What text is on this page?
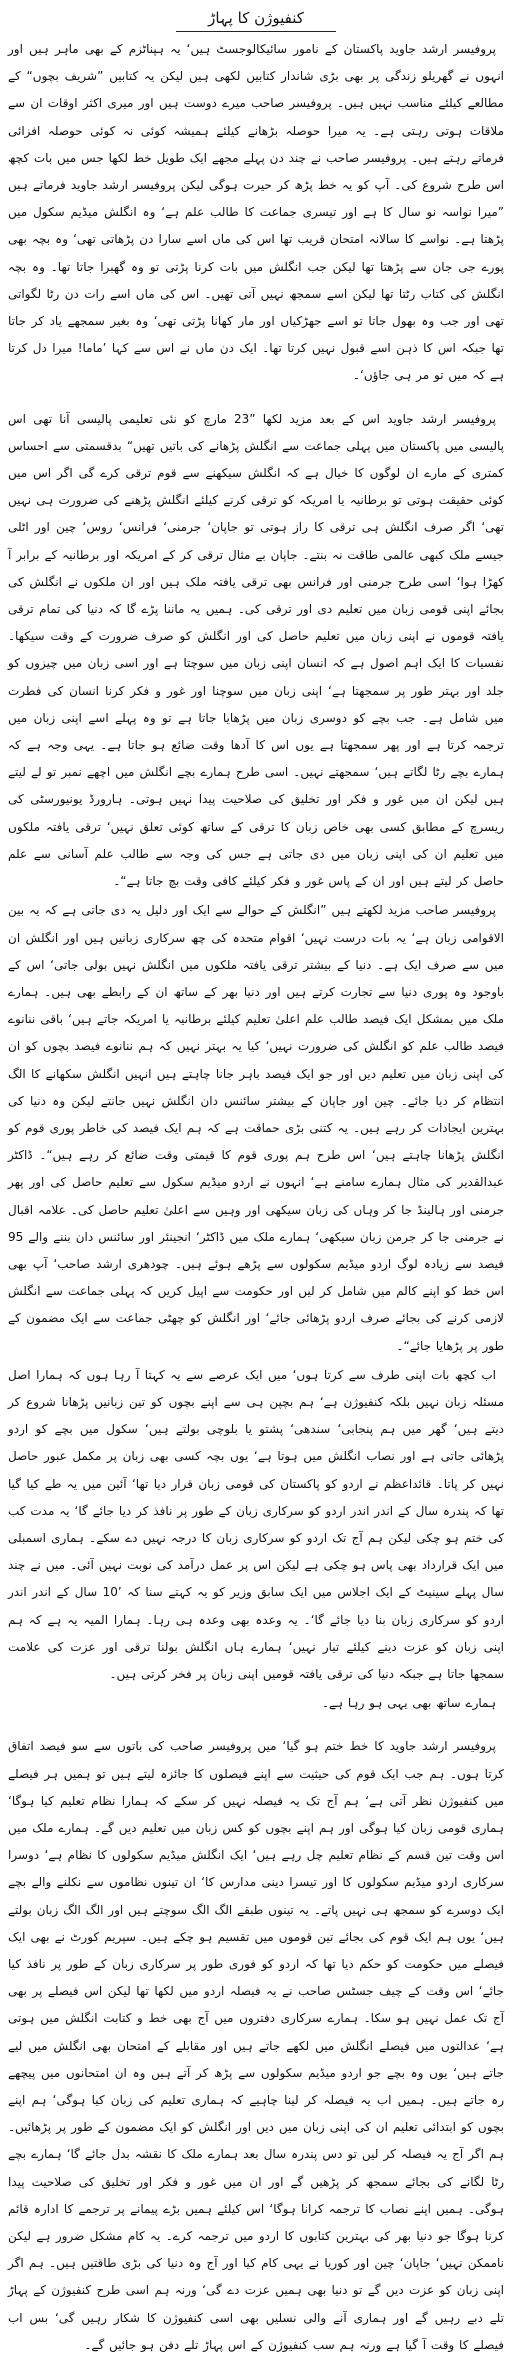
کنفیوژن کا پہاڑ

پروفیسر ارشد جاوید پاکستان کے نامور سائیکالوجسٹ ہیں‘ یہ ہپناٹزم کے بھی ماہر ہیں اور انہوں نے گھریلو زندگی پر بھی بڑی شاندار کتابیں لکھی ہیں لیکن یہ کتابیں ”شریف بچوں“ کے مطالعے کیلئے مناسب نہیں ہیں۔ پروفیسر صاحب میرے دوست ہیں اور میری اکثر اوقات ان سے ملاقات ہوتی رہتی ہے۔ یہ میرا حوصلہ بڑھانے کیلئے ہمیشہ کوئی نہ کوئی حوصلہ افزائی فرماتے رہتے ہیں۔ پروفیسر صاحب نے چند دن پہلے مجھے ایک طویل خط لکھا جس میں بات کچھ اس طرح شروع کی۔ آپ کو یہ خط پڑھ کر حیرت ہوگی لیکن پروفیسر ارشد جاوید فرماتے ہیں ”میرا نواسہ نو سال کا ہے اور تیسری جماعت کا طالب علم ہے‘ وہ انگلش میڈیم سکول میں پڑھتا ہے۔ نواسے کا سالانہ امتحان قریب تھا اس کی ماں اسے سارا دن پڑھاتی تھی‘ وہ بچہ بھی پورے جی جان سے پڑھتا تھا لیکن جب انگلش میں بات کرنا پڑتی تو وہ گھبرا جاتا تھا۔ وہ بچہ انگلش کی کتاب رٹتا تھا لیکن اسے سمجھ نہیں آتی تھیں۔ اس کی ماں اسے رات دن رٹا لگواتی تھی اور جب وہ بھول جاتا تو اسے جھڑکیاں اور مار کھانا پڑتی تھی‘ وہ بغیر سمجھے یاد کر جاتا تھا جبکہ اس کا ذہن اسے قبول نہیں کرتا تھا۔ ایک دن ماں نے اس سے کہا ’ماما! میرا دل کرتا ہے کہ میں تو مر ہی جاؤں‘۔

پروفیسر ارشد جاوید اس کے بعد مزید لکھا ”23 مارچ کو نئی تعلیمی پالیسی آنا تھی اس پالیسی میں پاکستان میں پہلی جماعت سے انگلش پڑھانے کی باتیں تھیں“ بدقسمتی سے احساس کمتری کے مارے ان لوگوں کا خیال ہے کہ انگلش سیکھنے سے قوم ترقی کرے گی اگر اس میں کوئی حقیقت ہوتی تو برطانیہ یا امریکہ کو ترقی کرنے کیلئے انگلش پڑھنے کی ضرورت ہی نہیں تھی‘ اگر صرف انگلش ہی ترقی کا راز ہوتی تو جاپان‘ جرمنی‘ فرانس‘ روس‘ چین اور اٹلی جیسے ملک کبھی عالمی طاقت نہ بنتے۔ جاپان بے مثال ترقی کر کے امریکہ اور برطانیہ کے برابر آ کھڑا ہوا‘ اسی طرح جرمنی اور فرانس بھی ترقی یافتہ ملک ہیں اور ان ملکوں نے انگلش کی بجائے اپنی قومی زبان میں تعلیم دی اور ترقی کی۔ ہمیں یہ ماننا پڑے گا کہ دنیا کی تمام ترقی یافتہ قوموں نے اپنی زبان میں تعلیم حاصل کی اور انگلش کو صرف ضرورت کے وقت سیکھا۔ نفسیات کا ایک اہم اصول ہے کہ انسان اپنی زبان میں سوچتا ہے اور اسی زبان میں چیزوں کو جلد اور بہتر طور پر سمجھتا ہے‘ اپنی زبان میں سوچنا اور غور و فکر کرنا انسان کی فطرت میں شامل ہے۔ جب بچے کو دوسری زبان میں پڑھایا جاتا ہے تو وہ پہلے اسے اپنی زبان میں ترجمہ کرتا ہے اور پھر سمجھتا ہے یوں اس کا آدھا وقت ضائع ہو جاتا ہے۔ یہی وجہ ہے کہ ہمارے بچے رٹا لگاتے ہیں‘ سمجھتے نہیں۔ اسی طرح ہمارے بچے انگلش میں اچھے نمبر تو لے لیتے ہیں لیکن ان میں غور و فکر اور تخلیق کی صلاحیت پیدا نہیں ہوتی۔ ہارورڈ یونیورسٹی کی ریسرچ کے مطابق کسی بھی خاص زبان کا ترقی کے ساتھ کوئی تعلق نہیں‘ ترقی یافتہ ملکوں میں تعلیم ان کی اپنی زبان میں دی جاتی ہے جس کی وجہ سے طالب علم آسانی سے علم حاصل کر لیتے ہیں اور ان کے پاس غور و فکر کیلئے کافی وقت بچ جاتا ہے“۔

پروفیسر صاحب مزید لکھتے ہیں ”انگلش کے حوالے سے ایک اور دلیل یہ دی جاتی ہے کہ یہ بین الاقوامی زبان ہے‘ یہ بات درست نہیں‘ اقوام متحدہ کی چھ سرکاری زبانیں ہیں اور انگلش ان میں سے صرف ایک ہے۔ دنیا کے بیشتر ترقی یافتہ ملکوں میں انگلش نہیں بولی جاتی‘ اس کے باوجود وہ پوری دنیا سے تجارت کرتے ہیں اور دنیا بھر کے ساتھ ان کے رابطے بھی ہیں۔ ہمارے ملک میں بمشکل ایک فیصد طالب علم اعلیٰ تعلیم کیلئے برطانیہ یا امریکہ جاتے ہیں‘ باقی ننانوے فیصد طالب علم کو انگلش کی ضرورت نہیں‘ کیا یہ بہتر نہیں کہ ہم ننانوے فیصد بچوں کو ان کی اپنی زبان میں تعلیم دیں اور جو ایک فیصد باہر جانا چاہتے ہیں انہیں انگلش سکھانے کا الگ انتظام کر دیا جائے۔ چین اور جاپان کے بیشتر سائنس دان انگلش نہیں جانتے لیکن وہ دنیا کی بہترین ایجادات کر رہے ہیں۔ یہ کتنی بڑی حماقت ہے کہ ہم ایک فیصد کی خاطر پوری قوم کو انگلش پڑھانا چاہتے ہیں‘ اس طرح ہم پوری قوم کا قیمتی وقت ضائع کر رہے ہیں“۔ ڈاکٹر عبدالقدیر کی مثال ہمارے سامنے ہے‘ انہوں نے اردو میڈیم سکول سے تعلیم حاصل کی اور پھر جرمنی اور ہالینڈ جا کر وہاں کی زبان سیکھی اور وہیں سے اعلیٰ تعلیم حاصل کی۔ علامہ اقبال نے جرمنی جا کر جرمن زبان سیکھی‘ ہمارے ملک میں ڈاکٹر‘ انجینئر اور سائنس دان بننے والے 95 فیصد سے زیادہ لوگ اردو میڈیم سکولوں سے پڑھے ہوئے ہیں۔ چودھری ارشد صاحب‘ آپ بھی اس خط کو اپنے کالم میں شامل کر لیں اور حکومت سے اپیل کریں کہ پہلی جماعت سے انگلش لازمی کرنے کی بجائے صرف اردو پڑھائی جائے‘ اور انگلش کو چھٹی جماعت سے ایک مضمون کے طور پر پڑھایا جائے“۔

اب کچھ بات اپنی طرف سے کرتا ہوں‘ میں ایک عرصے سے یہ کہتا آ رہا ہوں کہ ہمارا اصل مسئلہ زبان نہیں بلکہ کنفیوژن ہے‘ ہم بچپن ہی سے اپنے بچوں کو تین زبانیں پڑھانا شروع کر دیتے ہیں‘ گھر میں ہم پنجابی‘ سندھی‘ پشتو یا بلوچی بولتے ہیں‘ سکول میں بچے کو اردو پڑھائی جاتی ہے اور نصاب انگلش میں ہوتا ہے‘ یوں بچہ کسی بھی زبان پر مکمل عبور حاصل نہیں کر پاتا۔ قائداعظم نے اردو کو پاکستان کی قومی زبان قرار دیا تھا‘ آئین میں یہ طے کیا گیا تھا کہ پندرہ سال کے اندر اندر اردو کو سرکاری زبان کے طور پر نافذ کر دیا جائے گا‘ یہ مدت کب کی ختم ہو چکی لیکن ہم آج تک اردو کو سرکاری زبان کا درجہ نہیں دے سکے۔ ہماری اسمبلی میں ایک قرارداد بھی پاس ہو چکی ہے لیکن اس پر عمل درآمد کی نوبت نہیں آئی۔ میں نے چند سال پہلے سینیٹ کے ایک اجلاس میں ایک سابق وزیر کو یہ کہتے سنا کہ ’10 سال کے اندر اندر اردو کو سرکاری زبان بنا دیا جائے گا‘۔ یہ وعدہ بھی وعدہ ہی رہا۔ ہمارا المیہ یہ ہے کہ ہم اپنی زبان کو عزت دینے کیلئے تیار نہیں‘ ہمارے ہاں انگلش بولنا ترقی اور عزت کی علامت سمجھا جاتا ہے جبکہ دنیا کی ترقی یافتہ قومیں اپنی زبان پر فخر کرتی ہیں۔

ہمارے ساتھ بھی یہی ہو رہا ہے۔

پروفیسر ارشد جاوید کا خط ختم ہو گیا‘ میں پروفیسر صاحب کی باتوں سے سو فیصد اتفاق کرتا ہوں۔ ہم جب ایک قوم کی حیثیت سے اپنے فیصلوں کا جائزہ لیتے ہیں تو ہمیں ہر فیصلے میں کنفیوژن نظر آتی ہے‘ ہم آج تک یہ فیصلہ نہیں کر سکے کہ ہمارا نظام تعلیم کیا ہوگا‘ ہماری قومی زبان کیا ہوگی اور ہم اپنے بچوں کو کس زبان میں تعلیم دیں گے۔ ہمارے ملک میں اس وقت تین قسم کے نظام تعلیم چل رہے ہیں‘ ایک انگلش میڈیم سکولوں کا نظام ہے‘ دوسرا سرکاری اردو میڈیم سکولوں کا اور تیسرا دینی مدارس کا‘ ان تینوں نظاموں سے نکلنے والے بچے ایک دوسرے کو سمجھ ہی نہیں پاتے۔ یہ تینوں طبقے الگ الگ سوچتے ہیں اور الگ الگ زبان بولتے ہیں‘ یوں ہم ایک قوم کی بجائے تین قوموں میں تقسیم ہو چکے ہیں۔ سپریم کورٹ نے بھی ایک فیصلے میں حکومت کو حکم دیا تھا کہ اردو کو فوری طور پر سرکاری زبان کے طور پر نافذ کیا جائے‘ اس وقت کے چیف جسٹس صاحب نے یہ فیصلہ اردو میں لکھا تھا لیکن اس فیصلے پر بھی آج تک عمل نہیں ہو سکا۔ ہمارے سرکاری دفتروں میں آج بھی خط و کتابت انگلش میں ہوتی ہے‘ عدالتوں میں فیصلے انگلش میں لکھے جاتے ہیں اور مقابلے کے امتحان بھی انگلش میں لیے جاتے ہیں‘ یوں وہ بچے جو اردو میڈیم سکولوں سے پڑھ کر آتے ہیں وہ ان امتحانوں میں پیچھے رہ جاتے ہیں۔ ہمیں اب یہ فیصلہ کر لینا چاہیے کہ ہماری تعلیم کی زبان کیا ہوگی‘ ہم اپنے بچوں کو ابتدائی تعلیم ان کی اپنی زبان میں دیں اور انگلش کو ایک مضمون کے طور پر پڑھائیں۔ ہم اگر آج یہ فیصلہ کر لیں تو دس پندرہ سال بعد ہمارے ملک کا نقشہ بدل جائے گا‘ ہمارے بچے رٹا لگانے کی بجائے سمجھ کر پڑھیں گے اور ان میں غور و فکر اور تخلیق کی صلاحیت پیدا ہوگی۔ ہمیں اپنے نصاب کا ترجمہ کرانا ہوگا‘ اس کیلئے ہمیں بڑے پیمانے پر ترجمے کا ادارہ قائم کرنا ہوگا جو دنیا بھر کی بہترین کتابوں کا اردو میں ترجمہ کرے۔ یہ کام مشکل ضرور ہے لیکن ناممکن نہیں‘ جاپان‘ چین اور کوریا نے یہی کام کیا اور آج وہ دنیا کی بڑی طاقتیں ہیں۔ ہم اگر اپنی زبان کو عزت دیں گے تو دنیا بھی ہمیں عزت دے گی‘ ورنہ ہم اسی طرح کنفیوژن کے پہاڑ تلے دبے رہیں گے اور ہماری آنے والی نسلیں بھی اسی کنفیوژن کا شکار رہیں گی‘ بس اب فیصلے کا وقت آ گیا ہے ورنہ ہم سب کنفیوژن کے اس پہاڑ تلے دفن ہو جائیں گے۔
